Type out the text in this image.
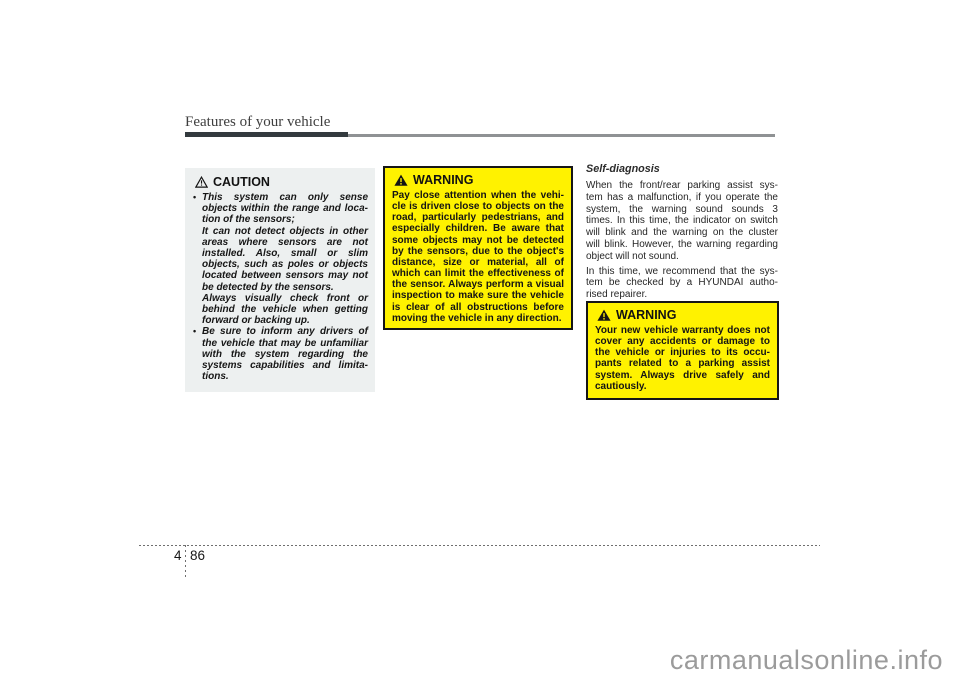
Features of your vehicle
CAUTION
• This system can only sense
objects within the range and loca-
tion of the sensors;
It can not detect objects in other
areas where sensors are not
installed. Also, small or slim
objects, such as poles or objects
located between sensors may not
be detected by the sensors.
Always visually check front or
behind the vehicle when getting
forward or backing up.
• Be sure to inform any drivers of
the vehicle that may be unfamiliar
with the system regarding the
systems capabilities and limita-
tions.
WARNING
Pay close attention when the vehi-
cle is driven close to objects on the
road, particularly pedestrians, and
especially children. Be aware that
some objects may not be detected
by the sensors, due to the object's
distance, size or material, all of
which can limit the effectiveness of
the sensor. Always perform a visual
inspection to make sure the vehicle
is clear of all obstructions before
moving the vehicle in any direction.
Self-diagnosis
When the front/rear parking assist sys-
tem has a malfunction, if you operate the
system, the warning sound sounds 3
times. In this time, the indicator on switch
will blink and the warning on the cluster
will blink. However, the warning regarding
object will not sound.
In this time, we recommend that the sys-
tem be checked by a HYUNDAI autho-
rised repairer.
WARNING
Your new vehicle warranty does not
cover any accidents or damage to
the vehicle or injuries to its occu-
pants related to a parking assist
system. Always drive safely and
cautiously.
4 86
carmanualsonline.info
